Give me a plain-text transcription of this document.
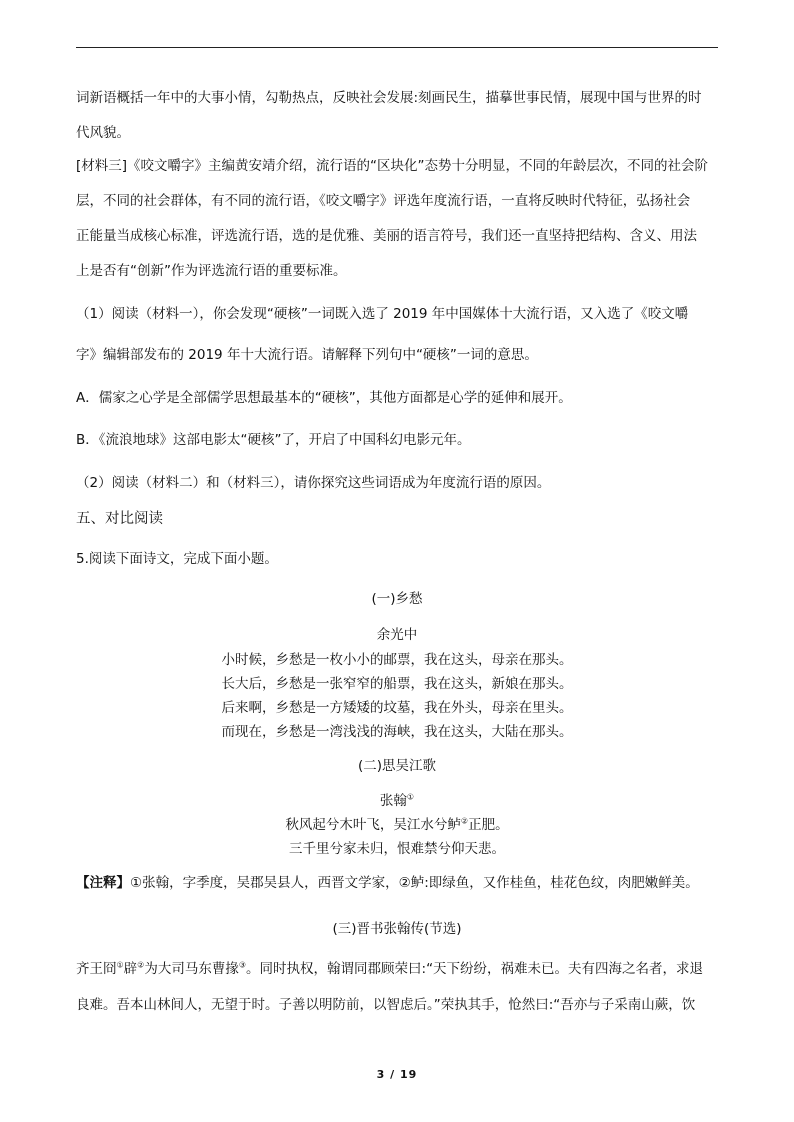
词新语概括一年中的大事小情，勾勒热点，反映社会发展:刻画民生，描摹世事民情，展现中国与世界的时
代风貌。
[材料三]《咬文嚼字》主编黄安靖介绍，流行语的“区块化”态势十分明显，不同的年龄层次，不同的社会阶
层，不同的社会群体，有不同的流行语，《咬文嚼字》评选年度流行语，一直将反映时代特征，弘扬社会
正能量当成核心标准，评选流行语，选的是优雅、美丽的语言符号，我们还一直坚持把结构、含义、用法
上是否有“创新”作为评选流行语的重要标准。
（1）阅读（材料一），你会发现“硬核”一词既入选了 2019 年中国媒体十大流行语，又入选了《咬文嚼
字》编辑部发布的 2019 年十大流行语。请解释下列句中“硬核”一词的意思。
A．儒家之心学是全部儒学思想最基本的“硬核”，其他方面都是心学的延伸和展开。
B．《流浪地球》这部电影太“硬核”了，开启了中国科幻电影元年。
（2）阅读（材料二）和（材料三），请你探究这些词语成为年度流行语的原因。
五、对比阅读
5.阅读下面诗文，完成下面小题。
(一)乡愁
余光中
小时候，乡愁是一枚小小的邮票，我在这头，母亲在那头。
长大后，乡愁是一张窄窄的船票，我在这头，新娘在那头。
后来啊，乡愁是一方矮矮的坟墓，我在外头，母亲在里头。
而现在，乡愁是一湾浅浅的海峡，我在这头，大陆在那头。
(二)思吴江歌
张翰①
秋风起兮木叶飞，吴江水兮鲈②正肥。
三千里兮家未归，恨难禁兮仰天悲。
【注释】①张翰，字季度，吴郡吴县人，西晋文学家，②鲈:即绿鱼，又作桂鱼，桂花色纹，肉肥嫩鲜美。
(三)晋书张翰传(节选)
齐王冏①辟②为大司马东曹掾③。同时执权，翰谓同郡顾荣曰:“天下纷纷，祸难未已。夫有四海之名者，求退
良难。吾本山林间人，无望于时。子善以明防前，以智虑后。”荣执其手，怆然曰:“吾亦与子采南山蕨，饮
3 / 19
